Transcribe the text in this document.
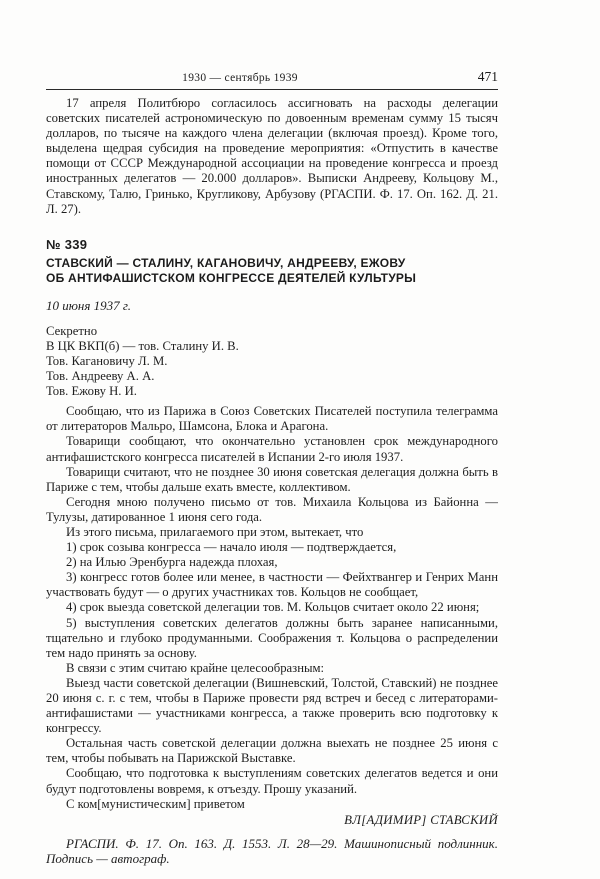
1930 — сентябрь 1939	471

17 апреля Политбюро согласилось ассигновать на расходы делегации советских писателей астрономическую по довоенным временам сумму 15 тысяч долларов, по тысяче на каждого члена делегации (включая проезд). Кроме того, выделена щедрая субсидия на проведение мероприятия: «Отпустить в качестве помощи от СССР Международной ассоциации на проведение конгресса и проезд иностранных делегатов — 20.000 долларов». Выписки Андрееву, Кольцову М., Ставскому, Талю, Гринько, Кругликову, Арбузову (РГАСПИ. Ф. 17. Оп. 162. Д. 21. Л. 27).

№ 339
СТАВСКИЙ — СТАЛИНУ, КАГАНОВИЧУ, АНДРЕЕВУ, ЕЖОВУ
ОБ АНТИФАШИСТСКОМ КОНГРЕССЕ ДЕЯТЕЛЕЙ КУЛЬТУРЫ
10 июня 1937 г.

Секретно

В ЦК ВКП(б) — тов. Сталину И. В.

Тов. Кагановичу Л. М.

Тов. Андрееву А. А.

Тов. Ежову Н. И.

Сообщаю, что из Парижа в Союз Советских Писателей поступила телеграмма от литераторов Мальро, Шамсона, Блока и Арагона.

Товарищи сообщают, что окончательно установлен срок международного антифашистского конгресса писателей в Испании 2-го июля 1937.

Товарищи считают, что не позднее 30 июня советская делегация должна быть в Париже с тем, чтобы дальше ехать вместе, коллективом.

Сегодня мною получено письмо от тов. Михаила Кольцова из Байонна — Тулузы, датированное 1 июня сего года.

Из этого письма, прилагаемого при этом, вытекает, что

1) срок созыва конгресса — начало июля — подтверждается,

2) на Илью Эренбурга надежда плохая,

3) конгресс готов более или менее, в частности — Фейхтвангер и Генрих Манн участвовать будут — о других участниках тов. Кольцов не сообщает,

4) срок выезда советской делегации тов. М. Кольцов считает около 22 июня;

5) выступления советских делегатов должны быть заранее написанными, тщательно и глубоко продуманными. Соображения т. Кольцова о распределении тем надо принять за основу.

В связи с этим считаю крайне целесообразным:

Выезд части советской делегации (Вишневский, Толстой, Ставский) не позднее 20 июня с. г. с тем, чтобы в Париже провести ряд встреч и бесед с литераторами-антифашистами — участниками конгресса, а также проверить всю подготовку к конгрессу.

Остальная часть советской делегации должна выехать не позднее 25 июня с тем, чтобы побывать на Парижской Выставке.

Сообщаю, что подготовка к выступлениям советских делегатов ведется и они будут подготовлены вовремя, к отъезду. Прошу указаний.

С ком[мунистическим] приветом

ВЛ[АДИМИР] СТАВСКИЙ

РГАСПИ. Ф. 17. Оп. 163. Д. 1553. Л. 28—29. Машинописный подлинник. Подпись — автограф.
